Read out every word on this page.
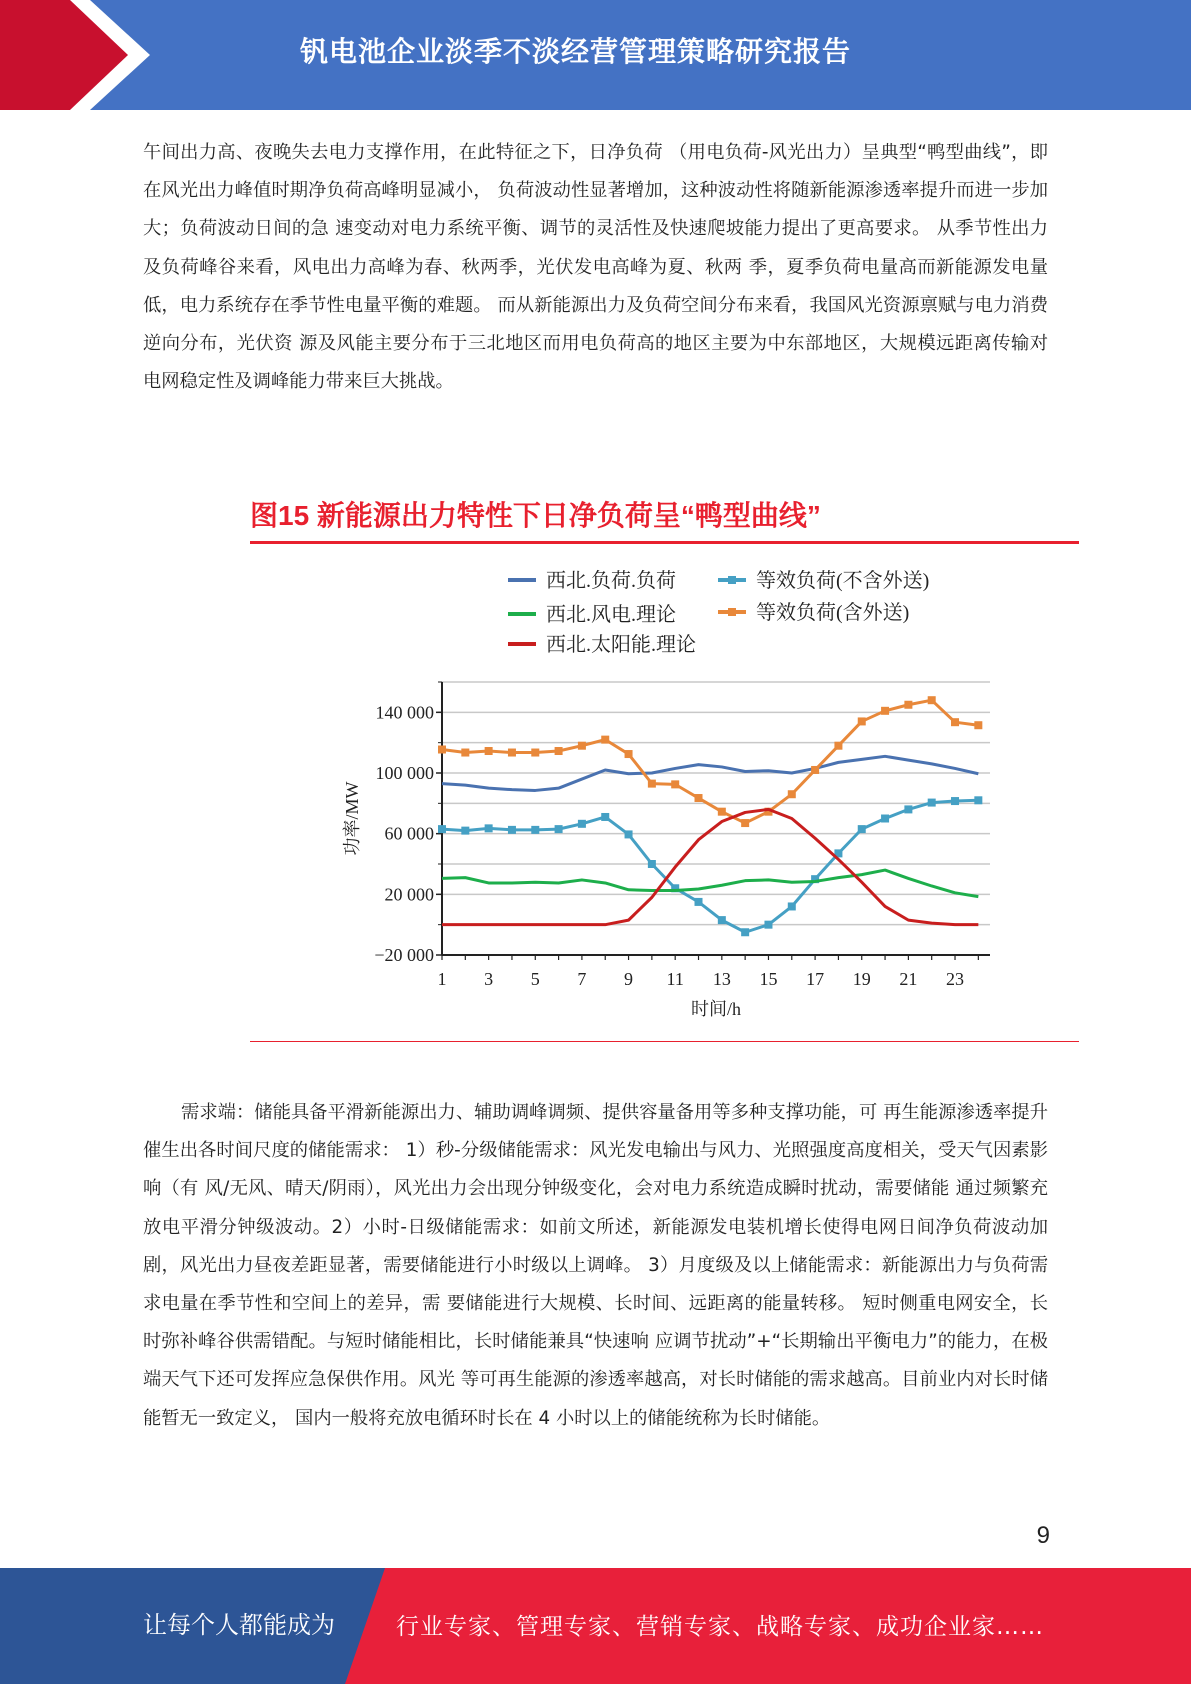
钒电池企业淡季不淡经营管理策略研究报告
午间出力高、夜晚失去电力支撑作用，在此特征之下，日净负荷 （用电负荷-风光出力）呈典型“鸭型曲线”，即在风光出力峰值时期净负荷高峰明显减小， 负荷波动性显著增加，这种波动性将随新能源渗透率提升而进一步加大；负荷波动日间的急 速变动对电力系统平衡、调节的灵活性及快速爬坡能力提出了更高要求。 从季节性出力及负荷峰谷来看，风电出力高峰为春、秋两季，光伏发电高峰为夏、秋两 季，夏季负荷电量高而新能源发电量低，电力系统存在季节性电量平衡的难题。 而从新能源出力及负荷空间分布来看，我国风光资源禀赋与电力消费逆向分布，光伏资 源及风能主要分布于三北地区而用电负荷高的地区主要为中东部地区，大规模远距离传输对 电网稳定性及调峰能力带来巨大挑战。
图15 新能源出力特性下日净负荷呈“鸭型曲线”
−20 000
20 000
60 000
100 000
140 000
1 3 5 7 9 11 13 15 17 19 21 23
时间/h
功率/MW
西北.负荷.负荷	等效负荷(不含外送)
西北.风电.理论	等效负荷(含外送)
西北.太阳能.理论
需求端：储能具备平滑新能源出力、辅助调峰调频、提供容量备用等多种支撑功能，可 再生能源渗透率提升催生出各时间尺度的储能需求： 1）秒-分级储能需求：风光发电输出与风力、光照强度高度相关，受天气因素影响（有 风/无风、晴天/阴雨），风光出力会出现分钟级变化，会对电力系统造成瞬时扰动，需要储能 通过频繁充放电平滑分钟级波动。2）小时-日级储能需求：如前文所述，新能源发电装机增长使得电网日间净负荷波动加 剧，风光出力昼夜差距显著，需要储能进行小时级以上调峰。 3）月度级及以上储能需求：新能源出力与负荷需求电量在季节性和空间上的差异，需 要储能进行大规模、长时间、远距离的能量转移。 短时侧重电网安全，长时弥补峰谷供需错配。与短时储能相比，长时储能兼具“快速响 应调节扰动”+“长期输出平衡电力”的能力，在极端天气下还可发挥应急保供作用。风光 等可再生能源的渗透率越高，对长时储能的需求越高。目前业内对长时储能暂无一致定义， 国内一般将充放电循环时长在 4 小时以上的储能统称为长时储能。
9
让每个人都能成为	行业专家、管理专家、营销专家、战略专家、成功企业家……
